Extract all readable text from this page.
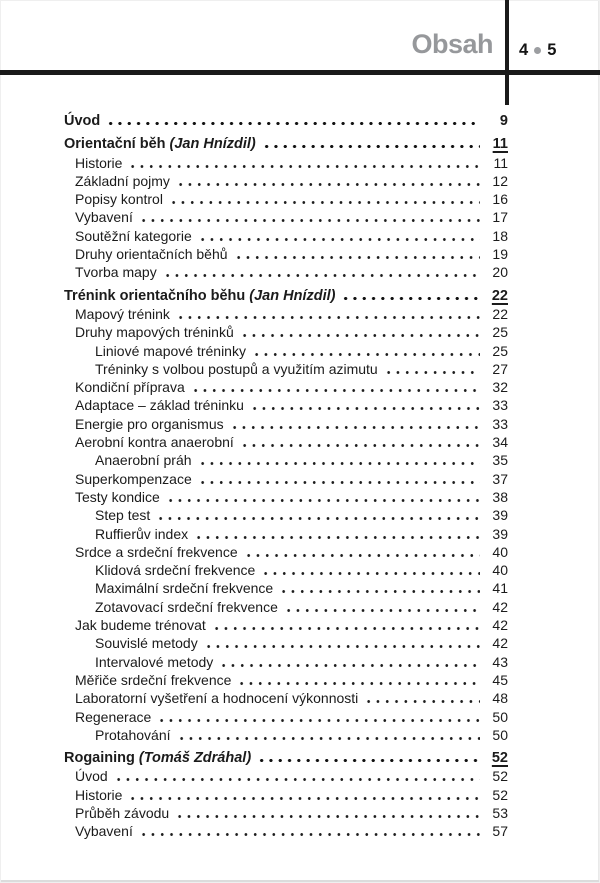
Obsah 4 5
Úvod	9
Orientační běh (Jan Hnízdil)	11
Historie	11
Základní pojmy	12
Popisy kontrol	16
Vybavení	17
Soutěžní kategorie	18
Druhy orientačních běhů	19
Tvorba mapy	20
Trénink orientačního běhu (Jan Hnízdil)	22
Mapový trénink	22
Druhy mapových tréninků	25
Liniové mapové tréninky	25
Tréninky s volbou postupů a využitím azimutu	27
Kondiční příprava	32
Adaptace – základ tréninku	33
Energie pro organismus	33
Aerobní kontra anaerobní	34
Anaerobní práh	35
Superkompenzace	37
Testy kondice	38
Step test	39
Ruffierův index	39
Srdce a srdeční frekvence	40
Klidová srdeční frekvence	40
Maximální srdeční frekvence	41
Zotavovací srdeční frekvence	42
Jak budeme trénovat	42
Souvislé metody	42
Intervalové metody	43
Měřiče srdeční frekvence	45
Laboratorní vyšetření a hodnocení výkonnosti	48
Regenerace	50
Protahování	50
Rogaining (Tomáš Zdráhal)	52
Úvod	52
Historie	52
Průběh závodu	53
Vybavení	57
